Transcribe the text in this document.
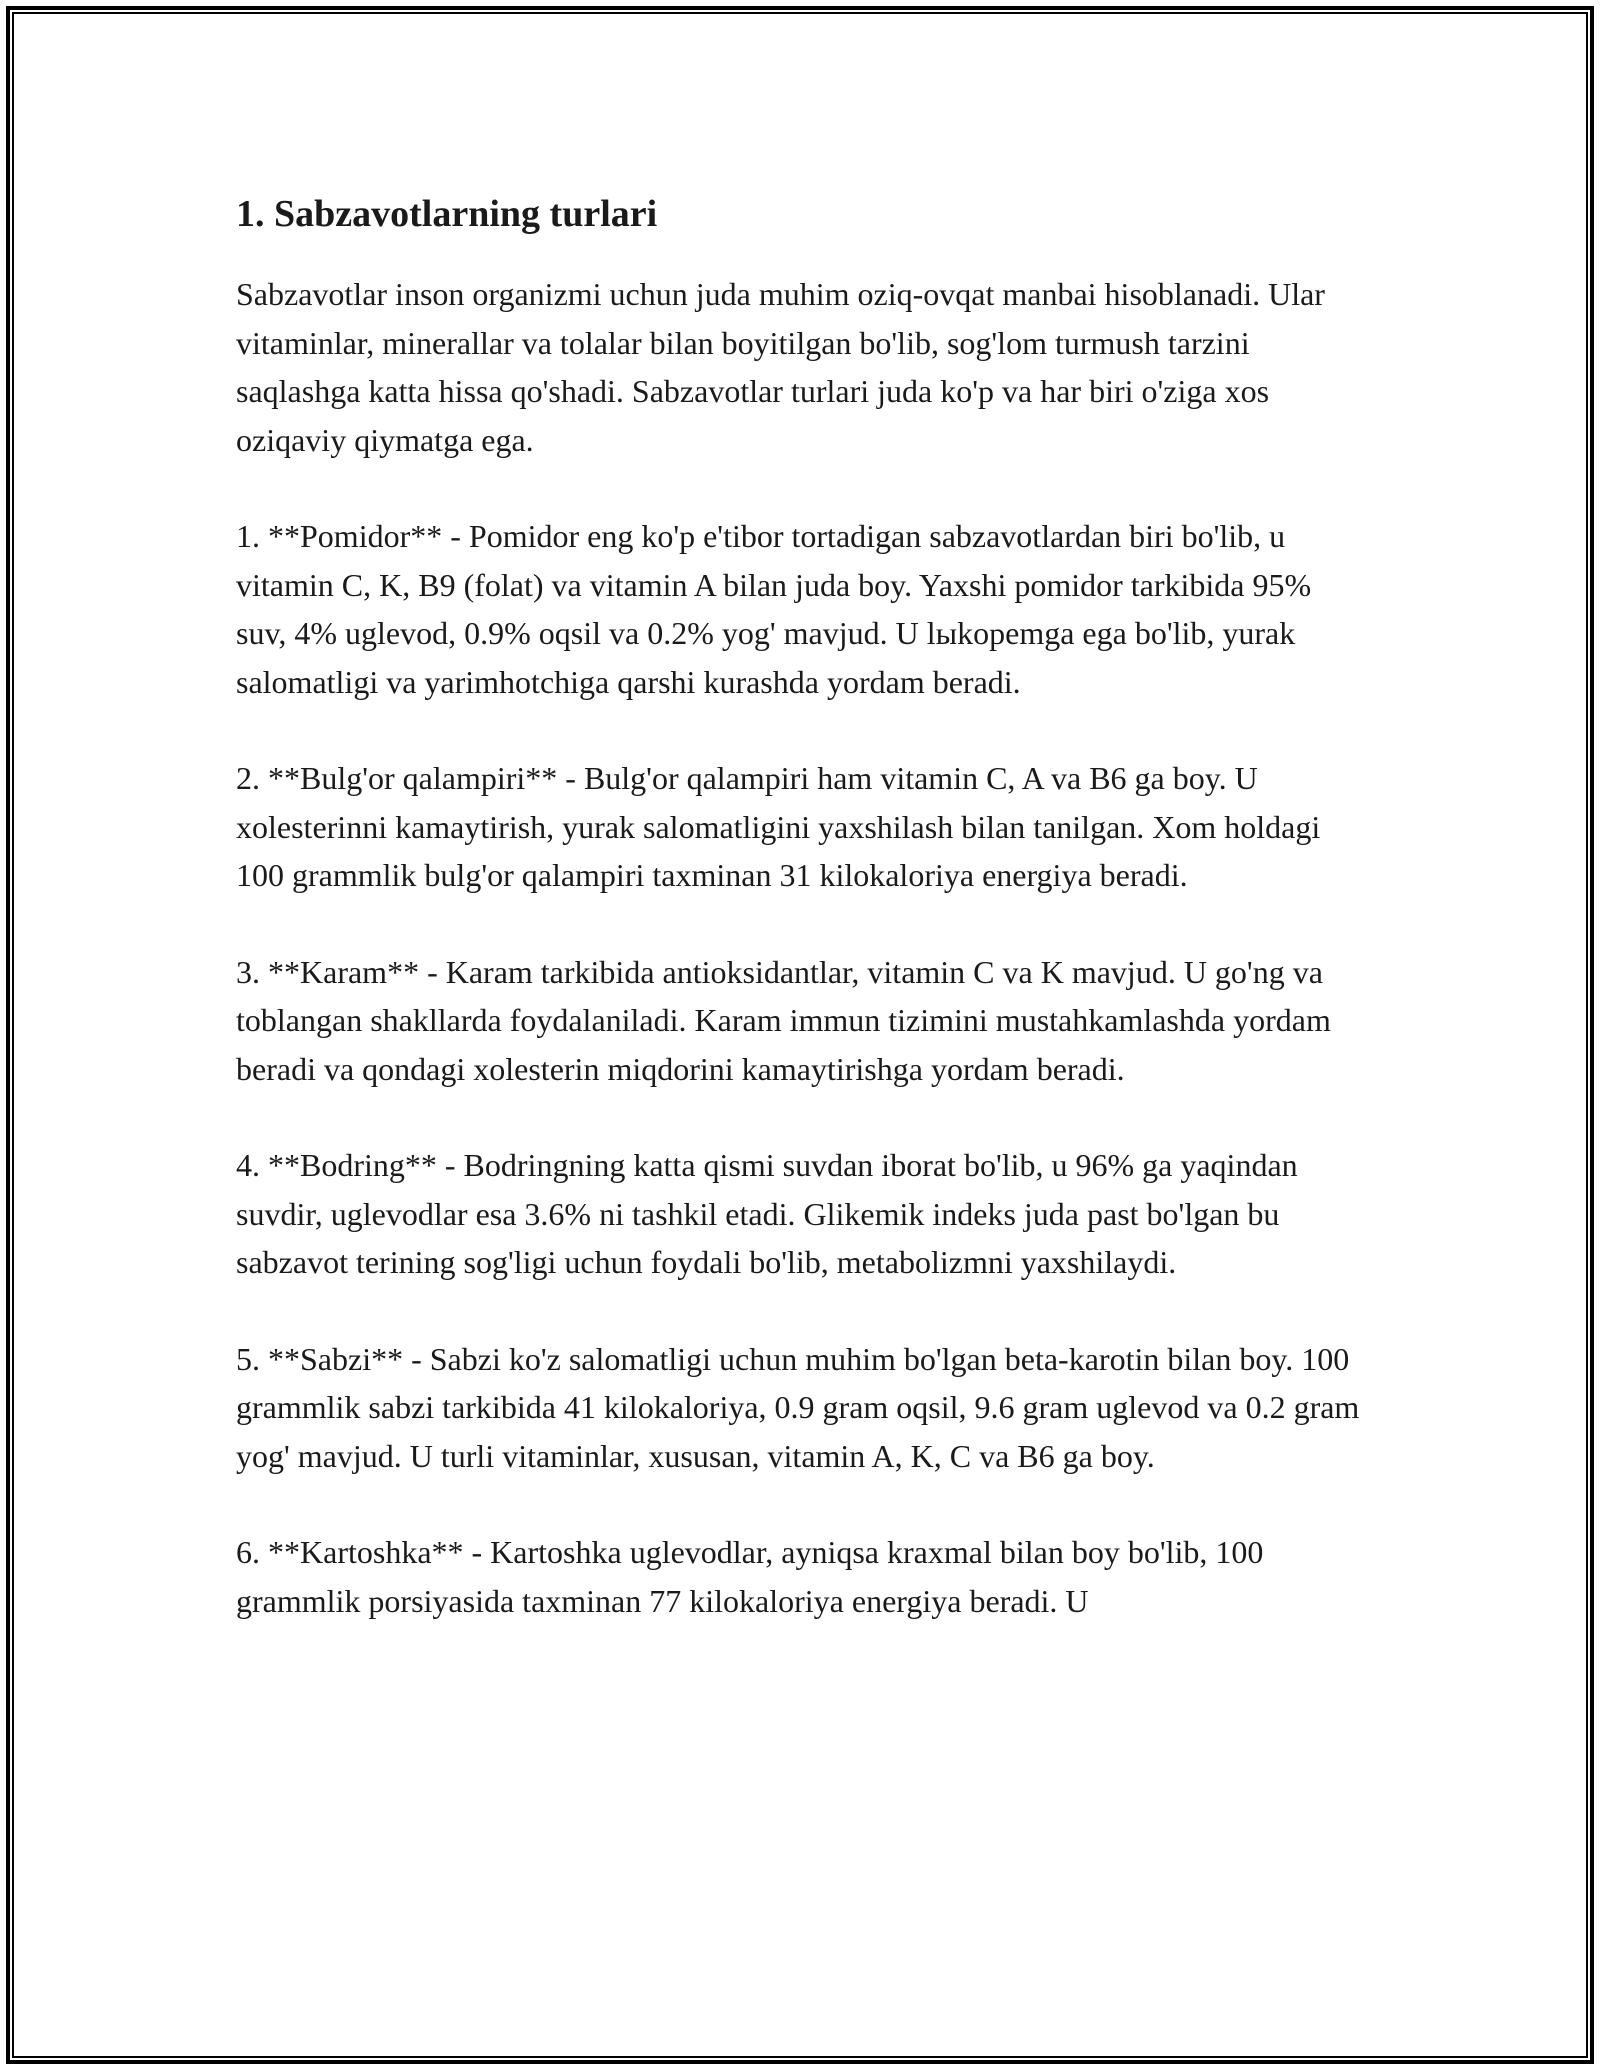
1. Sabzavotlarning turlari

Sabzavotlar inson organizmi uchun juda muhim oziq-ovqat manbai hisoblanadi. Ular vitaminlar, minerallar va tolalar bilan boyitilgan bo'lib, sog'lom turmush tarzini saqlashga katta hissa qo'shadi. Sabzavotlar turlari juda ko'p va har biri o'ziga xos oziqaviy qiymatga ega.

1. **Pomidor** - Pomidor eng ko'p e'tibor tortadigan sabzavotlardan biri bo'lib, u vitamin C, K, B9 (folat) va vitamin A bilan juda boy. Yaxshi pomidor tarkibida 95% suv, 4% uglevod, 0.9% oqsil va 0.2% yog' mavjud. U lыkopemga ega bo'lib, yurak salomatligi va yarimhotchiga qarshi kurashda yordam beradi.

2. **Bulg'or qalampiri** - Bulg'or qalampiri ham vitamin C, A va B6 ga boy. U xolesterinni kamaytirish, yurak salomatligini yaxshilash bilan tanilgan. Xom holdagi 100 grammlik bulg'or qalampiri taxminan 31 kilokaloriya energiya beradi.

3. **Karam** - Karam tarkibida antioksidantlar, vitamin C va K mavjud. U go'ng va toblangan shakllarda foydalaniladi. Karam immun tizimini mustahkamlashda yordam beradi va qondagi xolesterin miqdorini kamaytirishga yordam beradi.

4. **Bodring** - Bodringning katta qismi suvdan iborat bo'lib, u 96% ga yaqindan suvdir, uglevodlar esa 3.6% ni tashkil etadi. Glikemik indeks juda past bo'lgan bu sabzavot terining sog'ligi uchun foydali bo'lib, metabolizmni yaxshilaydi.

5. **Sabzi** - Sabzi ko'z salomatligi uchun muhim bo'lgan beta-karotin bilan boy. 100 grammlik sabzi tarkibida 41 kilokaloriya, 0.9 gram oqsil, 9.6 gram uglevod va 0.2 gram yog' mavjud. U turli vitaminlar, xususan, vitamin A, K, C va B6 ga boy.

6. **Kartoshka** - Kartoshka uglevodlar, ayniqsa kraxmal bilan boy bo'lib, 100 grammlik porsiyasida taxminan 77 kilokaloriya energiya beradi. U
